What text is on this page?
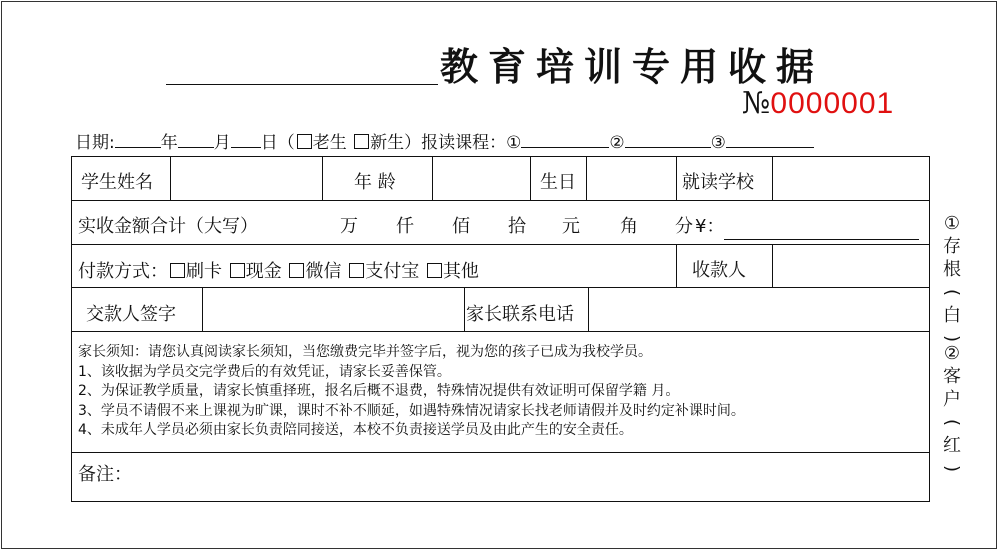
教育培训专用收据
№0000001
日期:	年 月 日（ 老生 新生）报读课程：①	②	③
学生姓名	年 龄	生日	就读学校
实收金额合计（大写）	万 仟 佰 拾 元 角 分 ¥：
付款方式： 刷卡 现金 微信 支付宝 其他	收款人
交款人签字	家长联系电话
家长须知：请您认真阅读家长须知，当您缴费完毕并签字后，视为您的孩子已成为我校学员。
1、该收据为学员交完学费后的有效凭证，请家长妥善保管。
2、为保证教学质量，请家长慎重择班，报名后概不退费，特殊情况提供有效证明可保留学籍 月。
3、学员不请假不来上课视为旷课，课时不补不顺延，如遇特殊情况请家长找老师请假并及时约定补课时间。
4、未成年人学员必须由家长负责陪同接送，本校不负责接送学员及由此产生的安全责任。
备注：
①
存
根
(
白
)
②
客
户
(
红
)
